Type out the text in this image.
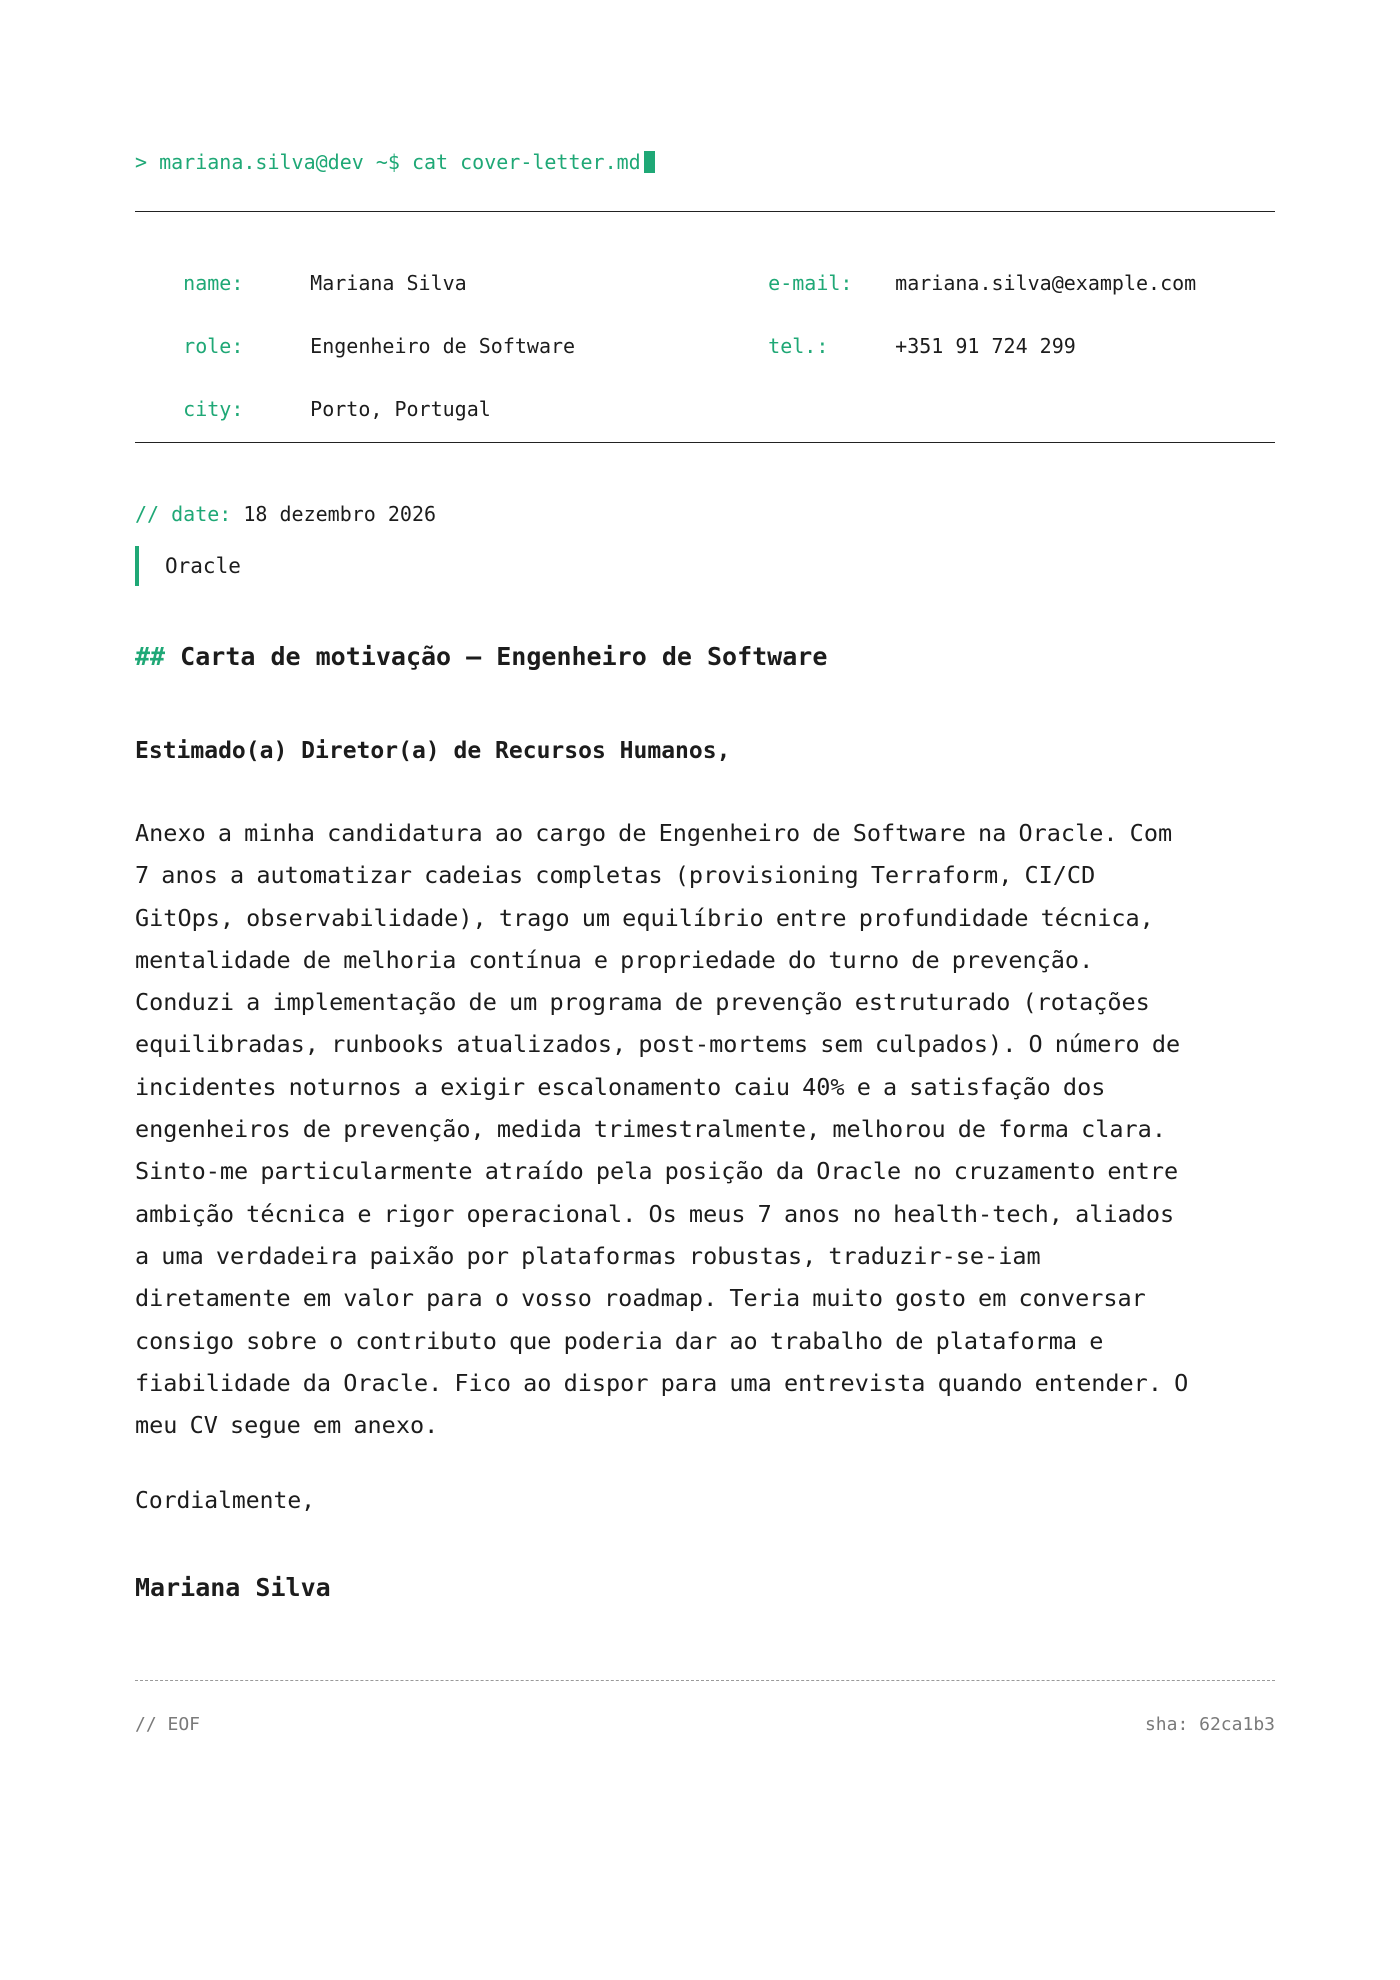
> mariana.silva@dev ~$ cat cover-letter.md

name:
	Mariana Silva
	e-mail:
	mariana.silva@example.com

role:
	Engenheiro de Software
	tel.:
	+351 91 724 299

city:
	Porto, Portugal

// date: 18 dezembro 2026
Oracle
## Carta de motivação — Engenheiro de Software
Estimado(a) Diretor(a) de Recursos Humanos,
Anexo a minha candidatura ao cargo de Engenheiro de Software na Oracle. Com
7 anos a automatizar cadeias completas (provisioning Terraform, CI/CD
GitOps, observabilidade), trago um equilíbrio entre profundidade técnica,
mentalidade de melhoria contínua e propriedade do turno de prevenção.
Conduzi a implementação de um programa de prevenção estruturado (rotações
equilibradas, runbooks atualizados, post-mortems sem culpados). O número de
incidentes noturnos a exigir escalonamento caiu 40% e a satisfação dos
engenheiros de prevenção, medida trimestralmente, melhorou de forma clara.
Sinto-me particularmente atraído pela posição da Oracle no cruzamento entre
ambição técnica e rigor operacional. Os meus 7 anos no health-tech, aliados
a uma verdadeira paixão por plataformas robustas, traduzir-se-iam
diretamente em valor para o vosso roadmap. Teria muito gosto em conversar
consigo sobre o contributo que poderia dar ao trabalho de plataforma e
fiabilidade da Oracle. Fico ao dispor para uma entrevista quando entender. O
meu CV segue em anexo.
Cordialmente,
Mariana Silva
// EOF	sha: 62ca1b3
